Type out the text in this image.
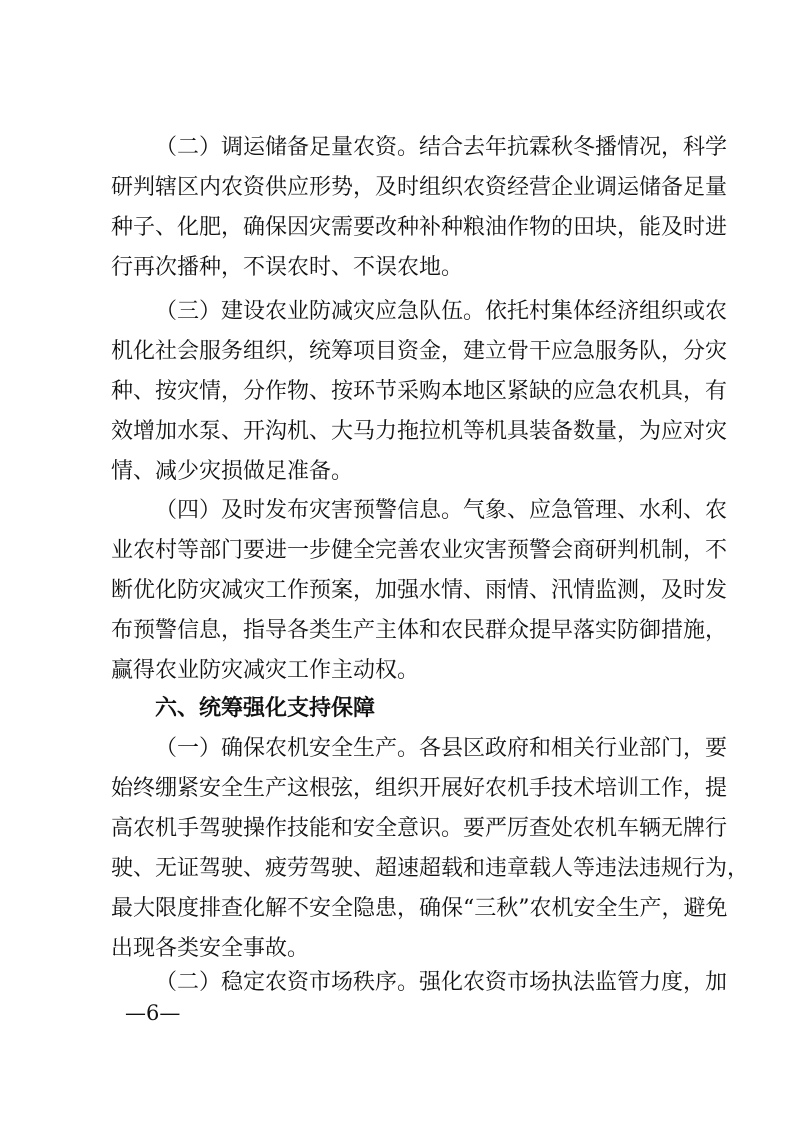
（二）调运储备足量农资。结合去年抗霖秋冬播情况，科学
研判辖区内农资供应形势，及时组织农资经营企业调运储备足量
种子、化肥，确保因灾需要改种补种粮油作物的田块，能及时进
行再次播种，不误农时、不误农地。
（三）建设农业防减灾应急队伍。依托村集体经济组织或农
机化社会服务组织，统筹项目资金，建立骨干应急服务队，分灾
种、按灾情，分作物、按环节采购本地区紧缺的应急农机具，有
效增加水泵、开沟机、大马力拖拉机等机具装备数量，为应对灾
情、减少灾损做足准备。
（四）及时发布灾害预警信息。气象、应急管理、水利、农
业农村等部门要进一步健全完善农业灾害预警会商研判机制，不
断优化防灾减灾工作预案，加强水情、雨情、汛情监测，及时发
布预警信息，指导各类生产主体和农民群众提早落实防御措施，
赢得农业防灾减灾工作主动权。
六、统筹强化支持保障
（一）确保农机安全生产。各县区政府和相关行业部门，要
始终绷紧安全生产这根弦，组织开展好农机手技术培训工作，提
高农机手驾驶操作技能和安全意识。要严厉查处农机车辆无牌行
驶、无证驾驶、疲劳驾驶、超速超载和违章载人等违法违规行为，
最大限度排查化解不安全隐患，确保“三秋”农机安全生产，避免
出现各类安全事故。
（二）稳定农资市场秩序。强化农资市场执法监管力度，加
—6—
